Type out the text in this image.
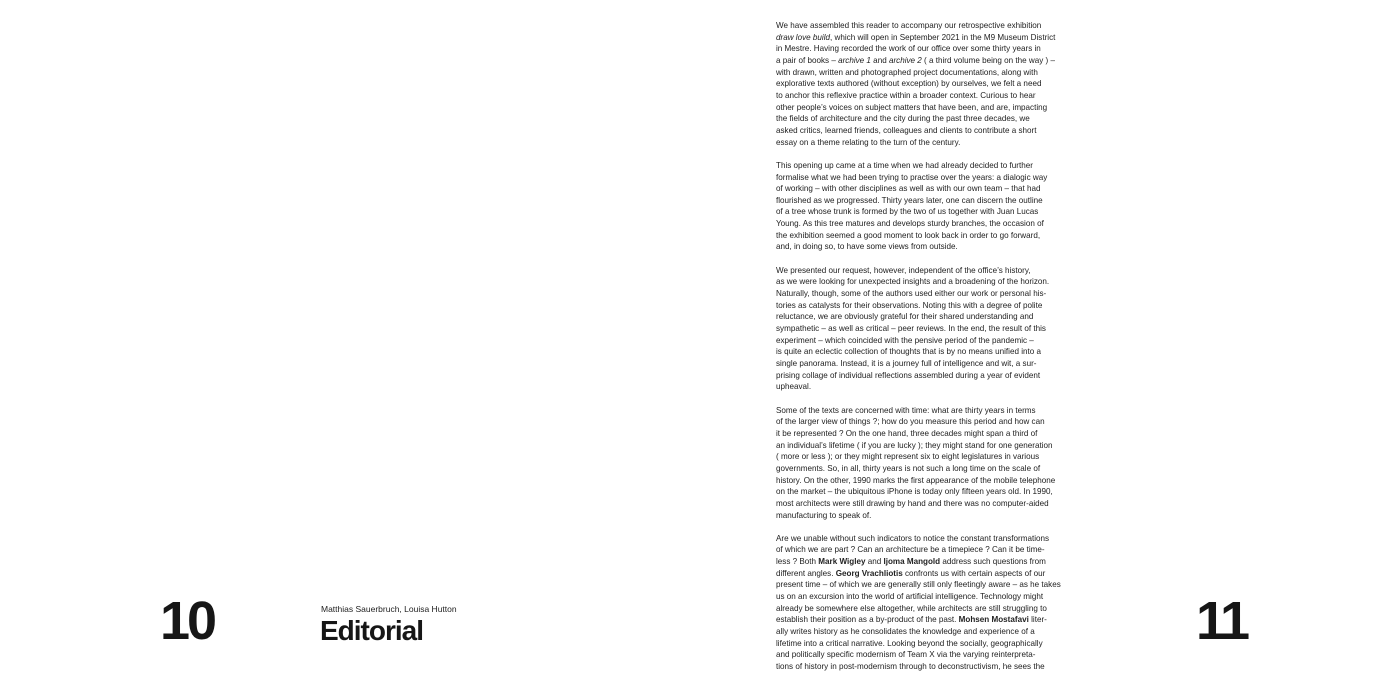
10	Matthias Sauerbruch, Louisa Hutton

Editorial

We have assembled this reader to accompany our retrospective exhibition
draw love build, which will open in September 2021 in the M9 Museum District
in Mestre. Having recorded the work of our office over some thirty years in
a pair of books – archive 1 and archive 2 ( a third volume being on the way ) –
with drawn, written and photographed project documentations, along with
explorative texts authored (without exception) by ourselves, we felt a need
to anchor this reflexive practice within a broader context. Curious to hear
other people’s voices on subject matters that have been, and are, impacting
the fields of architecture and the city during the past three decades, we
asked critics, learned friends, colleagues and clients to contribute a short
essay on a theme relating to the turn of the century.

This opening up came at a time when we had already decided to further
formalise what we had been trying to practise over the years: a dialogic way
of working – with other disciplines as well as with our own team – that had
flourished as we progressed. Thirty years later, one can discern the outline
of a tree whose trunk is formed by the two of us together with Juan Lucas
Young. As this tree matures and develops sturdy branches, the occasion of
the exhibition seemed a good moment to look back in order to go forward,
and, in doing so, to have some views from outside.

We presented our request, however, independent of the office’s history,
as we were looking for unexpected insights and a broadening of the horizon.
Naturally, though, some of the authors used either our work or personal his-
tories as catalysts for their observations. Noting this with a degree of polite
reluctance, we are obviously grateful for their shared understanding and
sympathetic – as well as critical – peer reviews. In the end, the result of this
experiment – which coincided with the pensive period of the pandemic –
is quite an eclectic collection of thoughts that is by no means unified into a
single panorama. Instead, it is a journey full of intelligence and wit, a sur-
prising collage of individual reflections assembled during a year of evident
upheaval.

Some of the texts are concerned with time: what are thirty years in terms
of the larger view of things ?; how do you measure this period and how can
it be represented ? On the one hand, three decades might span a third of
an individual’s lifetime ( if you are lucky ); they might stand for one generation
( more or less ); or they might represent six to eight legislatures in various
governments. So, in all, thirty years is not such a long time on the scale of
history. On the other, 1990 marks the first appearance of the mobile telephone
on the market – the ubiquitous iPhone is today only fifteen years old. In 1990,
most architects were still drawing by hand and there was no computer-aided
manufacturing to speak of.

Are we unable without such indicators to notice the constant transformations
of which we are part ? Can an architecture be a timepiece ? Can it be time-
less ? Both Mark Wigley and Ijoma Mangold address such questions from
different angles. Georg Vrachliotis confronts us with certain aspects of our
present time – of which we are generally still only fleetingly aware – as he takes
us on an excursion into the world of artificial intelligence. Technology might
already be somewhere else altogether, while architects are still struggling to
establish their position as a by-product of the past. Mohsen Mostafavi liter-
ally writes history as he consolidates the knowledge and experience of a
lifetime into a critical narrative. Looking beyond the socially, geographically
and politically specific modernism of Team X via the varying reinterpreta-
tions of history in post-modernism through to deconstructivism, he sees the

11
